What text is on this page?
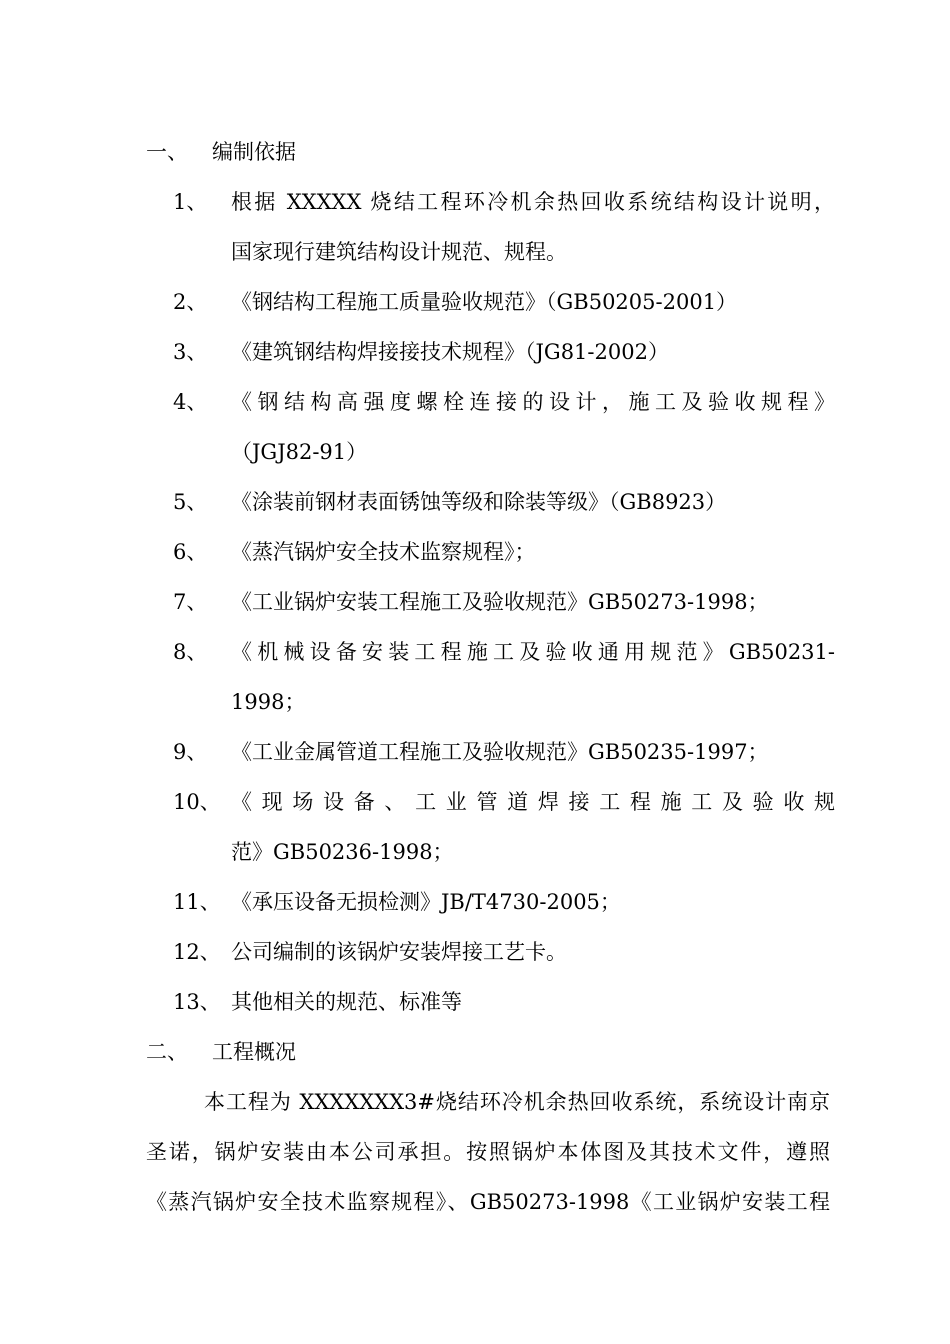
一、 编制依据
1、 根据 XXXXX 烧结工程环冷机余热回收系统结构设计说明，
国家现行建筑结构设计规范、规程。
2、 《钢结构工程施工质量验收规范》（GB50205-2001）
3、 《建筑钢结构焊接接技术规程》（JG81-2002）
4、 《钢结构高强度螺栓连接的设计，施工及验收规程》
（JGJ82-91）
5、 《涂装前钢材表面锈蚀等级和除装等级》（GB8923）
6、 《蒸汽锅炉安全技术监察规程》；
7、 《工业锅炉安装工程施工及验收规范》GB50273-1998；
8、 《机械设备安装工程施工及验收通用规范》GB50231-
1998；
9、 《工业金属管道工程施工及验收规范》GB50235-1997；
10、 《现场设备、工业管道焊接工程施工及验收规
范》GB50236-1998；
11、 《承压设备无损检测》JB/T4730-2005；
12、 公司编制的该锅炉安装焊接工艺卡。
13、 其他相关的规范、标准等
二、 工程概况
本工程为 XXXXXXX3#烧结环冷机余热回收系统，系统设计南京
圣诺，锅炉安装由本公司承担。按照锅炉本体图及其技术文件，遵照
《蒸汽锅炉安全技术监察规程》、GB50273-1998《工业锅炉安装工程
